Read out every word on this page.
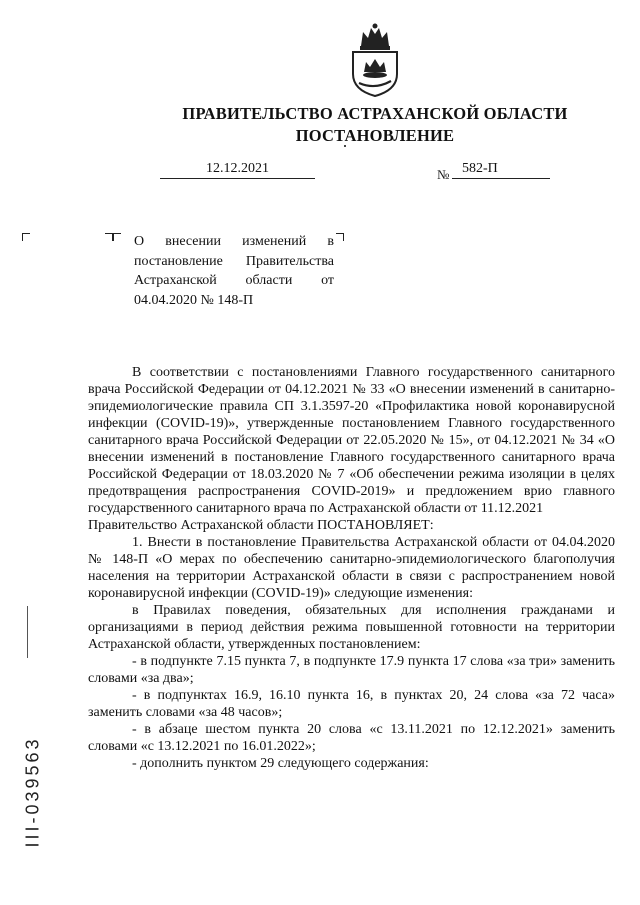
ПРАВИТЕЛЬСТВО АСТРАХАНСКОЙ ОБЛАСТИ
ПОСТАНОВЛЕНИЕ
12.12.2021	№ 582-П
О внесении изменений в
постановление Правительства
Астраханской области от
04.04.2020 № 148-П

В соответствии с постановлениями Главного государственного санитарного врача Российской Федерации от 04.12.2021 № 33 «О внесении изменений в санитарно-эпидемиологические правила СП 3.1.3597-20 «Профилактика новой коронавирусной инфекции (COVID-19)», утвержденные постановлением Главного государственного санитарного врача Российской Федерации от 22.05.2020 № 15», от 04.12.2021 № 34 «О внесении изменений в постановление Главного государственного санитарного врача Российской Федерации от 18.03.2020 № 7 «Об обеспечении режима изоляции в целях предотвращения распространения COVID-2019» и предложением врио главного государственного санитарного врача по Астраханской области от 11.12.2021

Правительство Астраханской области ПОСТАНОВЛЯЕТ:

1. Внести в постановление Правительства Астраханской области от 04.04.2020 № 148-П «О мерах по обеспечению санитарно-эпидемиологического благополучия населения на территории Астраханской области в связи с распространением новой коронавирусной инфекции (COVID-19)» следующие изменения:

в Правилах поведения, обязательных для исполнения гражданами и организациями в период действия режима повышенной готовности на территории Астраханской области, утвержденных постановлением:

- в подпункте 7.15 пункта 7, в подпункте 17.9 пункта 17 слова «за три» заменить словами «за два»;

- в подпунктах 16.9, 16.10 пункта 16, в пунктах 20, 24 слова «за 72 часа» заменить словами «за 48 часов»;

- в абзаце шестом пункта 20 слова «с 13.11.2021 по 12.12.2021» заменить словами «с 13.12.2021 по 16.01.2022»;

- дополнить пунктом 29 следующего содержания:

ІІІ-039563
